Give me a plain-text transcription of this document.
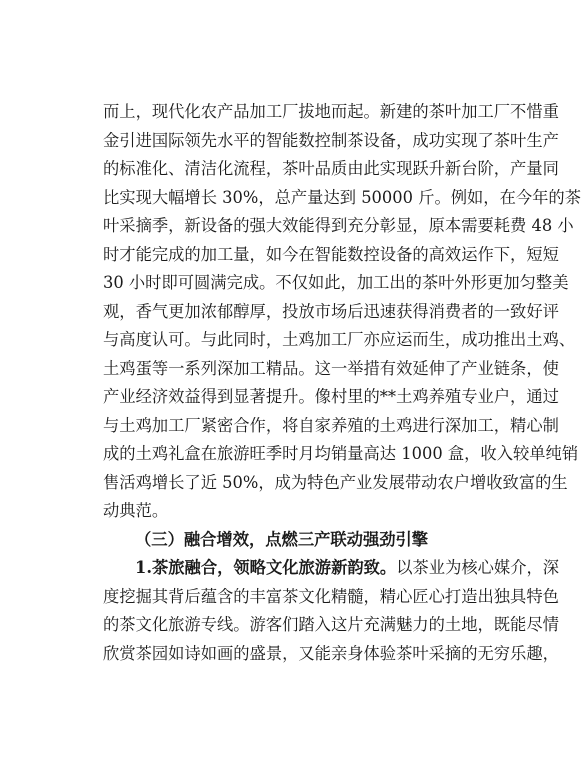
而上，现代化农产品加工厂拔地而起。新建的茶叶加工厂不惜重
金引进国际领先水平的智能数控制茶设备，成功实现了茶叶生产
的标准化、清洁化流程，茶叶品质由此实现跃升新台阶，产量同
比实现大幅增长 30%，总产量达到 50000 斤。例如，在今年的茶
叶采摘季，新设备的强大效能得到充分彰显，原本需要耗费 48 小
时才能完成的加工量，如今在智能数控设备的高效运作下，短短
30 小时即可圆满完成。不仅如此，加工出的茶叶外形更加匀整美
观，香气更加浓郁醇厚，投放市场后迅速获得消费者的一致好评
与高度认可。与此同时，土鸡加工厂亦应运而生，成功推出土鸡、
土鸡蛋等一系列深加工精品。这一举措有效延伸了产业链条，使
产业经济效益得到显著提升。像村里的**土鸡养殖专业户，通过
与土鸡加工厂紧密合作，将自家养殖的土鸡进行深加工，精心制
成的土鸡礼盒在旅游旺季时月均销量高达 1000 盒，收入较单纯销
售活鸡增长了近 50%，成为特色产业发展带动农户增收致富的生
动典范。
（三）融合增效，点燃三产联动强劲引擎
1.茶旅融合，领略文化旅游新韵致。以茶业为核心媒介，深
度挖掘其背后蕴含的丰富茶文化精髓，精心匠心打造出独具特色
的茶文化旅游专线。游客们踏入这片充满魅力的土地，既能尽情
欣赏茶园如诗如画的盛景，又能亲身体验茶叶采摘的无穷乐趣，
